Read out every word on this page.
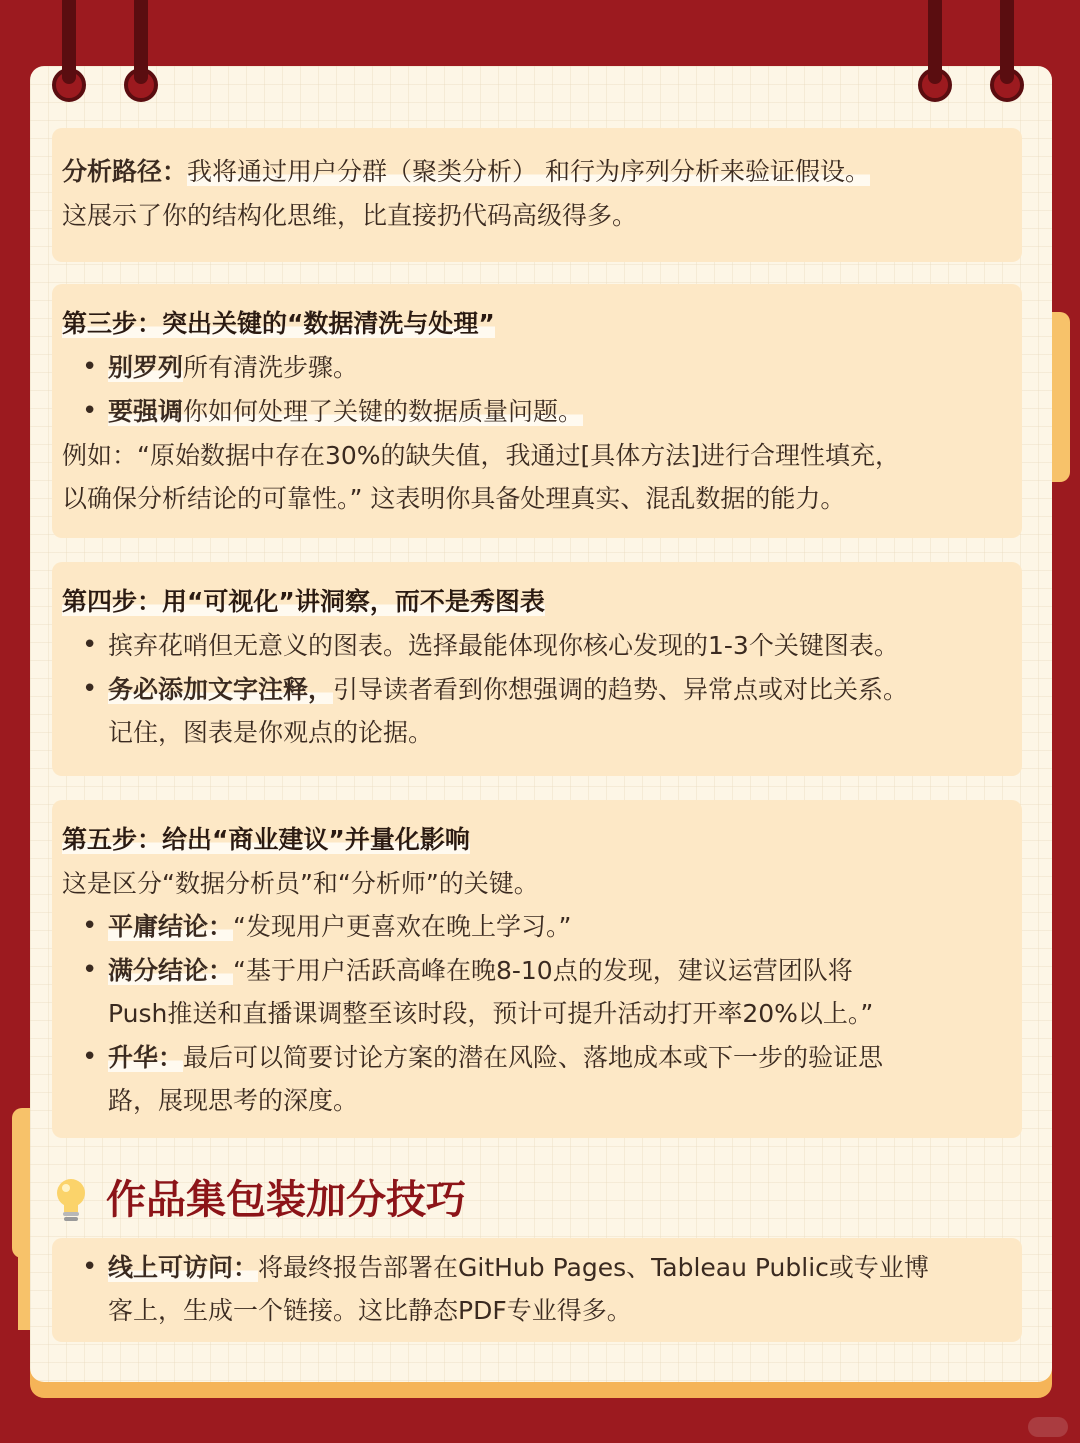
分析路径：我将通过用户分群（聚类分析） 和行为序列分析来验证假设。
这展示了你的结构化思维，比直接扔代码高级得多。
第三步：突出关键的“数据清洗与处理”
• 别罗列所有清洗步骤。
• 要强调你如何处理了关键的数据质量问题。
例如：“原始数据中存在30%的缺失值，我通过[具体方法]进行合理性填充，
以确保分析结论的可靠性。” 这表明你具备处理真实、混乱数据的能力。
第四步：用“可视化”讲洞察，而不是秀图表
• 摈弃花哨但无意义的图表。选择最能体现你核心发现的1-3个关键图表。
• 务必添加文字注释，引导读者看到你想强调的趋势、异常点或对比关系。
记住，图表是你观点的论据。
第五步：给出“商业建议”并量化影响
这是区分“数据分析员”和“分析师”的关键。
• 平庸结论：“发现用户更喜欢在晚上学习。”
• 满分结论：“基于用户活跃高峰在晚8-10点的发现，建议运营团队将
Push推送和直播课调整至该时段，预计可提升活动打开率20%以上。”
• 升华：最后可以简要讨论方案的潜在风险、落地成本或下一步的验证思
路，展现思考的深度。
作品集包装加分技巧
• 线上可访问：将最终报告部署在GitHub Pages、Tableau Public或专业博
客上，生成一个链接。这比静态PDF专业得多。
